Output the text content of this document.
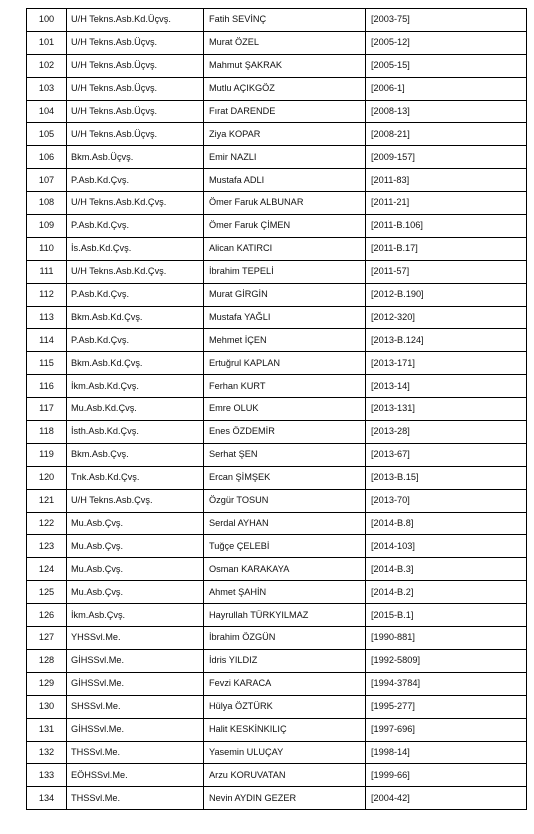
100	U/H Tekns.Asb.Kd.Üçvş.	Fatih SEVİNÇ	[2003-75]
101	U/H Tekns.Asb.Üçvş.	Murat ÖZEL	[2005-12]
102	U/H Tekns.Asb.Üçvş.	Mahmut ŞAKRAK	[2005-15]
103	U/H Tekns.Asb.Üçvş.	Mutlu AÇIKGÖZ	[2006-1]
104	U/H Tekns.Asb.Üçvş.	Fırat DARENDE	[2008-13]
105	U/H Tekns.Asb.Üçvş.	Ziya KOPAR	[2008-21]
106	Bkm.Asb.Üçvş.	Emir NAZLI	[2009-157]
107	P.Asb.Kd.Çvş.	Mustafa ADLI	[2011-83]
108	U/H Tekns.Asb.Kd.Çvş.	Ömer Faruk ALBUNAR	[2011-21]
109	P.Asb.Kd.Çvş.	Ömer Faruk ÇİMEN	[2011-B.106]
110	İs.Asb.Kd.Çvş.	Alican KATIRCI	[2011-B.17]
111	U/H Tekns.Asb.Kd.Çvş.	İbrahim TEPELİ	[2011-57]
112	P.Asb.Kd.Çvş.	Murat GİRGİN	[2012-B.190]
113	Bkm.Asb.Kd.Çvş.	Mustafa YAĞLI	[2012-320]
114	P.Asb.Kd.Çvş.	Mehmet İÇEN	[2013-B.124]
115	Bkm.Asb.Kd.Çvş.	Ertuğrul KAPLAN	[2013-171]
116	İkm.Asb.Kd.Çvş.	Ferhan KURT	[2013-14]
117	Mu.Asb.Kd.Çvş.	Emre OLUK	[2013-131]
118	İsth.Asb.Kd.Çvş.	Enes ÖZDEMİR	[2013-28]
119	Bkm.Asb.Çvş.	Serhat ŞEN	[2013-67]
120	Tnk.Asb.Kd.Çvş.	Ercan ŞİMŞEK	[2013-B.15]
121	U/H Tekns.Asb.Çvş.	Özgür TOSUN	[2013-70]
122	Mu.Asb.Çvş.	Serdal AYHAN	[2014-B.8]
123	Mu.Asb.Çvş.	Tuğçe ÇELEBİ	[2014-103]
124	Mu.Asb.Çvş.	Osman KARAKAYA	[2014-B.3]
125	Mu.Asb.Çvş.	Ahmet ŞAHİN	[2014-B.2]
126	İkm.Asb.Çvş.	Hayrullah TÜRKYILMAZ	[2015-B.1]
127	YHSSvl.Me.	İbrahim ÖZGÜN	[1990-881]
128	GİHSSvl.Me.	İdris YILDIZ	[1992-5809]
129	GİHSSvl.Me.	Fevzi KARACA	[1994-3784]
130	SHSSvl.Me.	Hülya ÖZTÜRK	[1995-277]
131	GİHSSvl.Me.	Halit KESKİNKILIÇ	[1997-696]
132	THSSvl.Me.	Yasemin ULUÇAY	[1998-14]
133	EÖHSSvl.Me.	Arzu KORUVATAN	[1999-66]
134	THSSvl.Me.	Nevin AYDIN GEZER	[2004-42]
